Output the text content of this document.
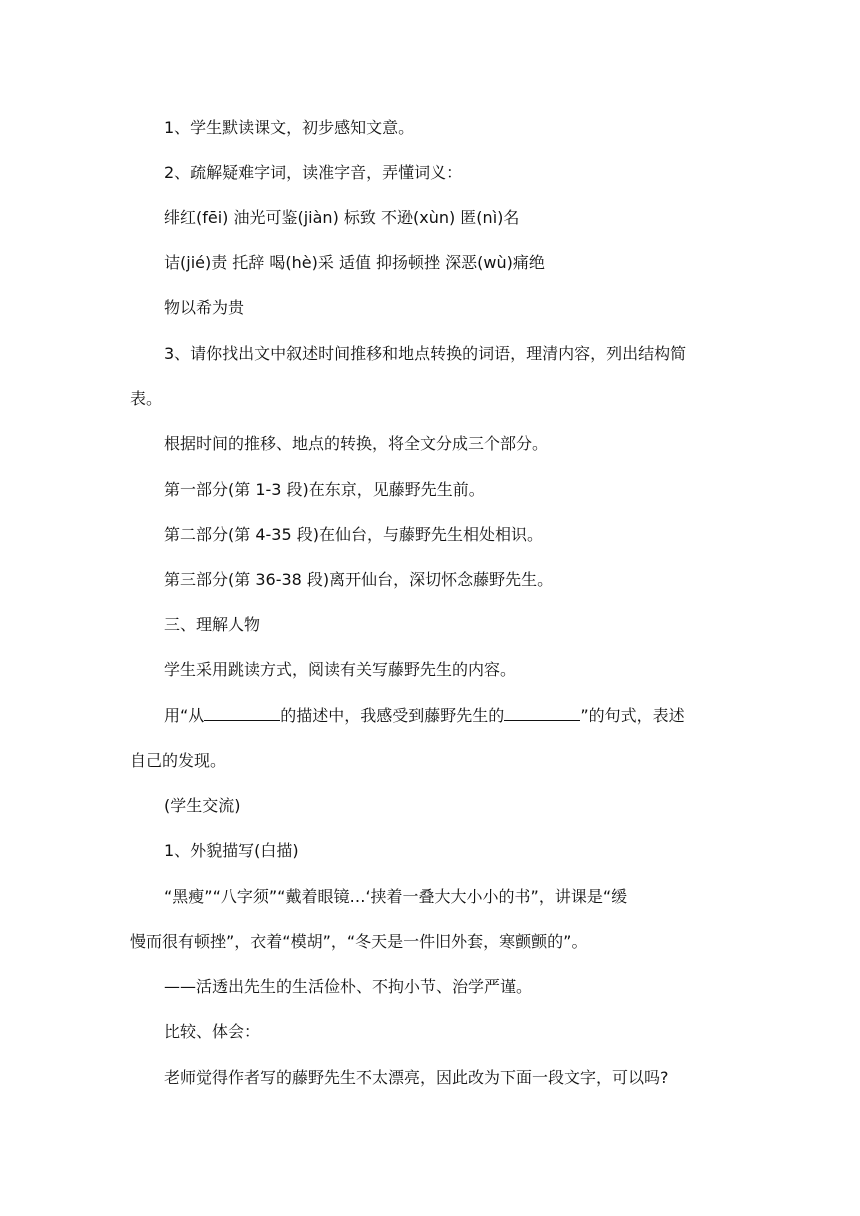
1、学生默读课文，初步感知文意。
2、疏解疑难字词，读准字音，弄懂词义：
绯红(fēi) 油光可鉴(jiàn) 标致 不逊(xùn) 匿(nì)名
诘(jié)责 托辞 喝(hè)采 适值 抑扬顿挫 深恶(wù)痛绝
物以希为贵
3、请你找出文中叙述时间推移和地点转换的词语，理清内容，列出结构简
表。
根据时间的推移、地点的转换，将全文分成三个部分。
第一部分(第 1-3 段)在东京，见藤野先生前。
第二部分(第 4-35 段)在仙台，与藤野先生相处相识。
第三部分(第 36-38 段)离开仙台，深切怀念藤野先生。
三、理解人物
学生采用跳读方式，阅读有关写藤野先生的内容。
用“从	的描述中，我感受到藤野先生的	”的句式，表述
自己的发现。
(学生交流)
1、外貌描写(白描)
“黑瘦”“八字须”“戴着眼镜…‘挟着一叠大大小小的书”，讲课是“缓
慢而很有顿挫”，衣着“模胡”，“冬天是一件旧外套，寒颤颤的”。
——活透出先生的生活俭朴、不拘小节、治学严谨。
比较、体会：
老师觉得作者写的藤野先生不太漂亮，因此改为下面一段文字，可以吗?
